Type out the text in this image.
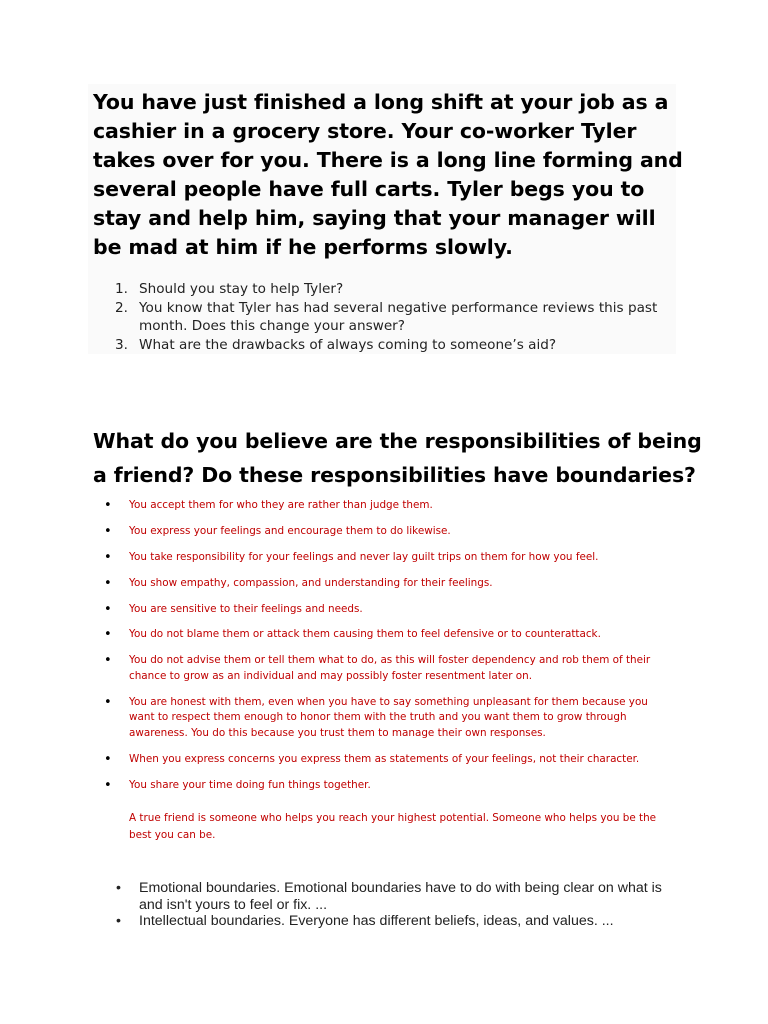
You have just finished a long shift at your job as a cashier in a grocery store. Your co-worker Tyler takes over for you. There is a long line forming and several people have full carts. Tyler begs you to stay and help him, saying that your manager will be mad at him if he performs slowly.
1. Should you stay to help Tyler?
2. You know that Tyler has had several negative performance reviews this past month. Does this change your answer?
3. What are the drawbacks of always coming to someone’s aid?
What do you believe are the responsibilities of being a friend? Do these responsibilities have boundaries?
• You accept them for who they are rather than judge them.
• You express your feelings and encourage them to do likewise.
• You take responsibility for your feelings and never lay guilt trips on them for how you feel.
• You show empathy, compassion, and understanding for their feelings.
• You are sensitive to their feelings and needs.
• You do not blame them or attack them causing them to feel defensive or to counterattack.
• You do not advise them or tell them what to do, as this will foster dependency and rob them of their chance to grow as an individual and may possibly foster resentment later on.
• You are honest with them, even when you have to say something unpleasant for them because you want to respect them enough to honor them with the truth and you want them to grow through awareness. You do this because you trust them to manage their own responses.
• When you express concerns you express them as statements of your feelings, not their character.
• You share your time doing fun things together.

A true friend is someone who helps you reach your highest potential. Someone who helps you be the best you can be.

• Emotional boundaries. Emotional boundaries have to do with being clear on what is and isn't yours to feel or fix. ...
• Intellectual boundaries. Everyone has different beliefs, ideas, and values. ...
